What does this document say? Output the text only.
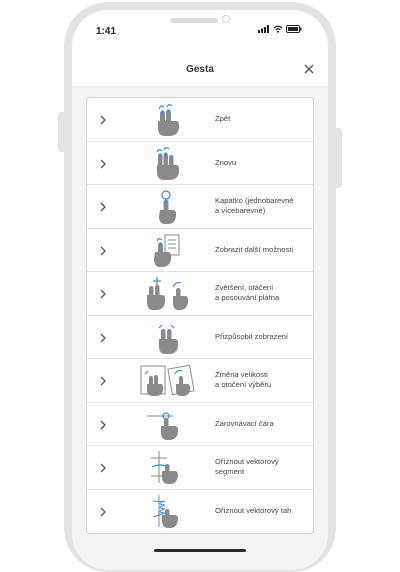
1:41
Gesta
Zpět
Znovu
Kapátko (jednobarevné
a vícebarevné)
Zobrazit další možnosti
Zvětšení, otáčení
a posouvání plátna
Přizpůsobit zobrazení
Změna velikosti
a otočení výběru
Zarovnávací čára
Oříznout vektorový
segment
Oříznout vektorový tah
